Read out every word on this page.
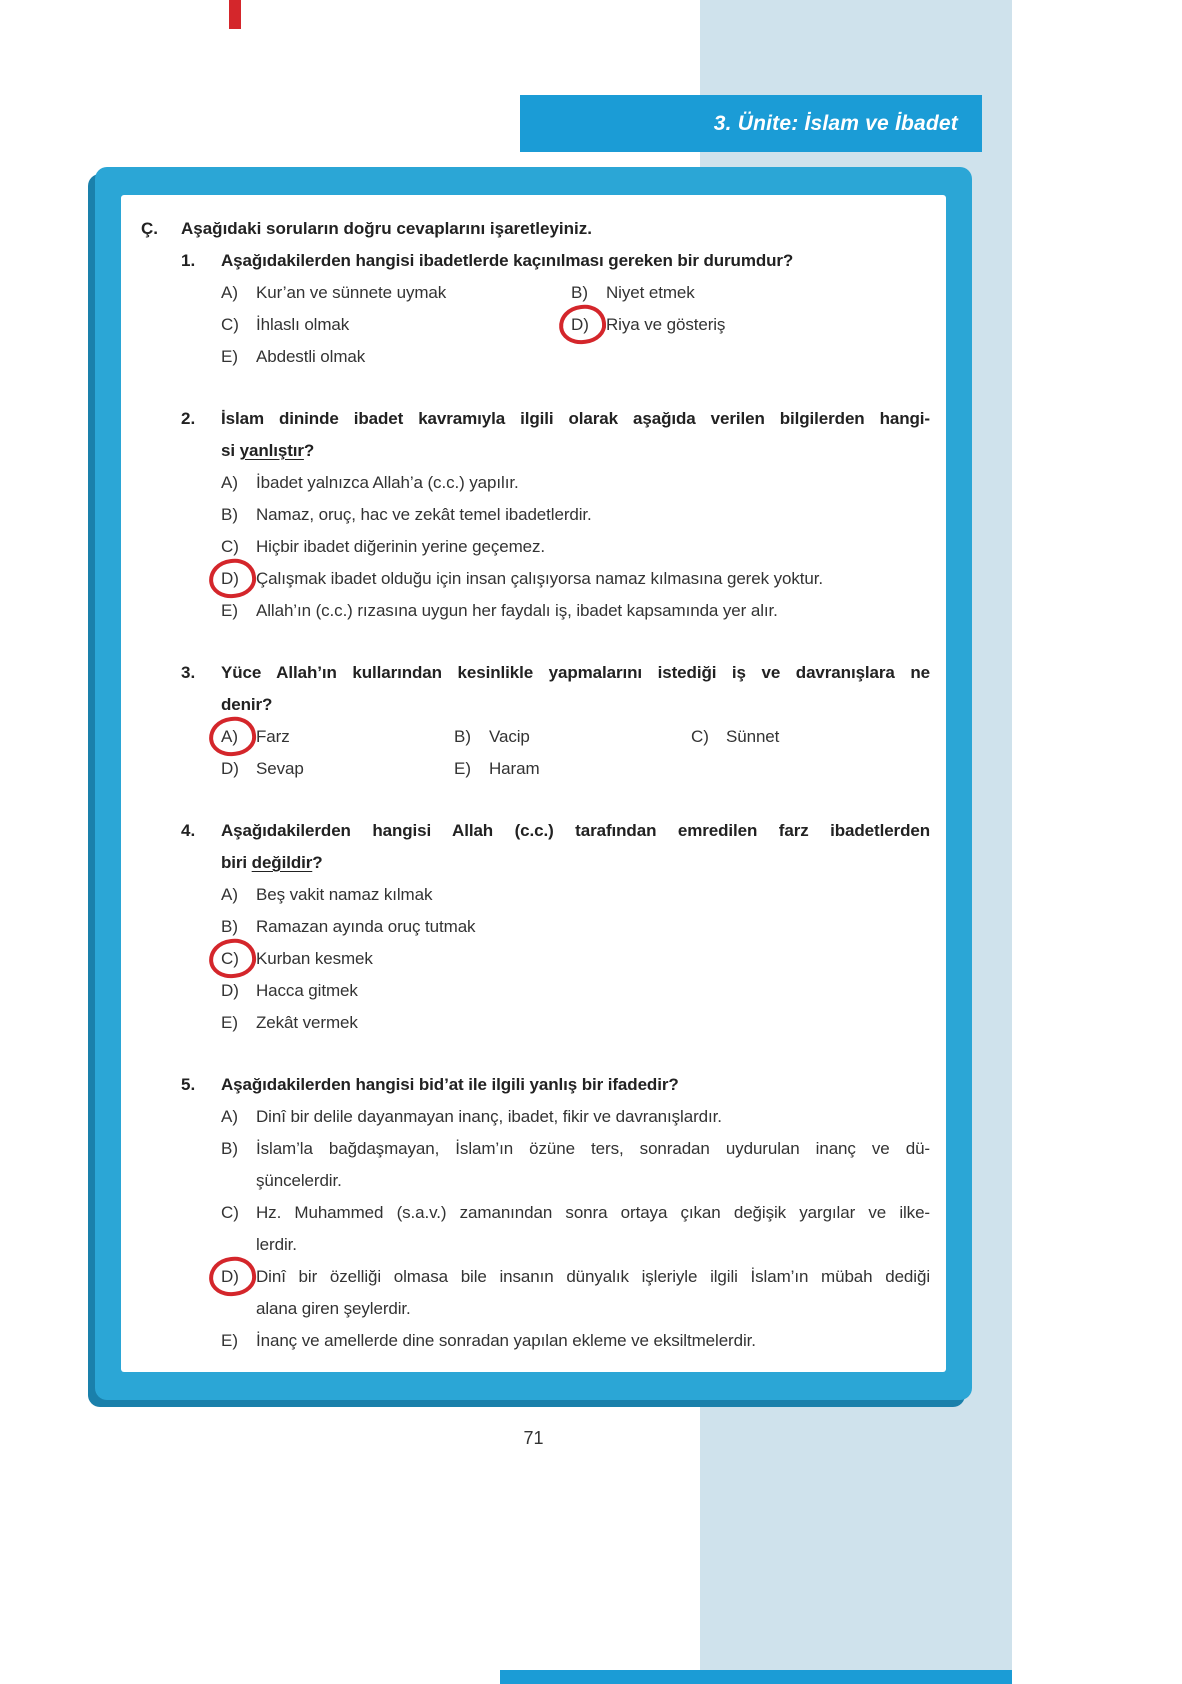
3. Ünite: İslam ve İbadet
Ç.	Aşağıdaki soruların doğru cevaplarını işaretleyiniz.
1.	Aşağıdakilerden hangisi ibadetlerde kaçınılması gereken bir durumdur?
A)	Kur’an ve sünnete uymak	B)	Niyet etmek
C)	İhlaslı olmak	D)	Riya ve gösteriş
E)	Abdestli olmak
2.	İslam dininde ibadet kavramıyla ilgili olarak aşağıda verilen bilgilerden hangi-
si yanlıştır?
A)	İbadet yalnızca Allah’a (c.c.) yapılır.
B)	Namaz, oruç, hac ve zekât temel ibadetlerdir.
C)	Hiçbir ibadet diğerinin yerine geçemez.
D)	Çalışmak ibadet olduğu için insan çalışıyorsa namaz kılmasına gerek yoktur.
E)	Allah’ın (c.c.) rızasına uygun her faydalı iş, ibadet kapsamında yer alır.
3.	Yüce Allah’ın kullarından kesinlikle yapmalarını istediği iş ve davranışlara ne
denir?
A)	Farz	B)	Vacip	C)	Sünnet
D)	Sevap	E)	Haram
4.	Aşağıdakilerden hangisi Allah (c.c.) tarafından emredilen farz ibadetlerden
biri değildir?
A)	Beş vakit namaz kılmak
B)	Ramazan ayında oruç tutmak
C)	Kurban kesmek
D)	Hacca gitmek
E)	Zekât vermek
5.	Aşağıdakilerden hangisi bid’at ile ilgili yanlış bir ifadedir?
A)	Dinî bir delile dayanmayan inanç, ibadet, fikir ve davranışlardır.
B)	İslam’la bağdaşmayan, İslam’ın özüne ters, sonradan uydurulan inanç ve dü-
şüncelerdir.
C)	Hz. Muhammed (s.a.v.) zamanından sonra ortaya çıkan değişik yargılar ve ilke-
lerdir.
D)	Dinî bir özelliği olmasa bile insanın dünyalık işleriyle ilgili İslam’ın mübah dediği
alana giren şeylerdir.
E)	İnanç ve amellerde dine sonradan yapılan ekleme ve eksiltmelerdir.
71
